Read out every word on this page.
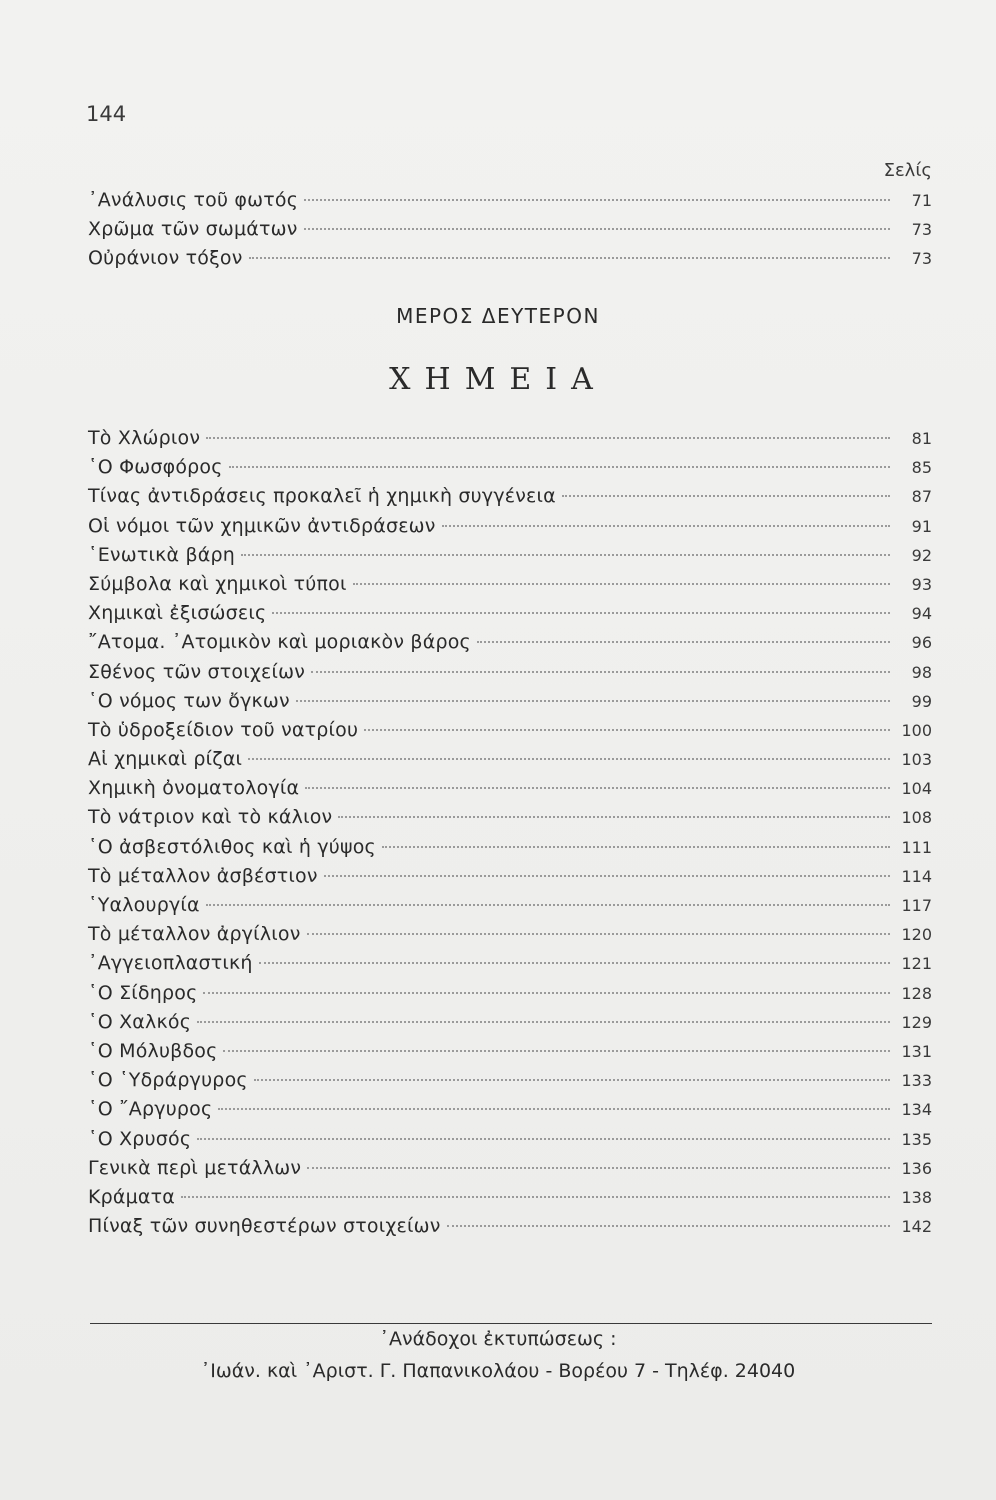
144
Σελίς
᾿Ανάλυσις τοῦ φωτός	71
Χρῶμα τῶν σωμάτων	73
Οὐράνιον τόξον	73
ΜΕΡΟΣ ΔΕΥΤΕΡΟΝ
ΧΗΜΕΙΑ
Τὸ Χλώριον	81
῾Ο Φωσφόρος	85
Τίνας ἀντιδράσεις προκαλεῖ ἡ χημικὴ συγγένεια	87
Οἱ νόμοι τῶν χημικῶν ἀντιδράσεων	91
῾Ενωτικὰ βάρη	92
Σύμβολα καὶ χημικοὶ τύποι	93
Χημικαὶ ἐξισώσεις	94
῎Ατομα. ᾿Ατομικὸν καὶ μοριακὸν βάρος	96
Σθένος τῶν στοιχείων	98
῾Ο νόμος των ὄγκων	99
Τὸ ὑδροξείδιον τοῦ νατρίου	100
Αἱ χημικαὶ ρίζαι	103
Χημικὴ ὀνοματολογία	104
Τὸ νάτριον καὶ τὸ κάλιον	108
῾Ο ἀσβεστόλιθος καὶ ἡ γύψος	111
Τὸ μέταλλον ἀσβέστιον	114
῾Υαλουργία	117
Τὸ μέταλλον ἀργίλιον	120
᾿Αγγειοπλαστική	121
῾Ο Σίδηρος	128
῾Ο Χαλκός	129
῾Ο Μόλυβδος	131
῾Ο ῾Υδράργυρος	133
῾Ο ῎Αργυρος	134
῾Ο Χρυσός	135
Γενικὰ περὶ μετάλλων	136
Κράματα	138
Πίναξ τῶν συνηθεστέρων στοιχείων	142
᾿Ανάδοχοι ἐκτυπώσεως :
᾿Ιωάν. καὶ ᾿Αριστ. Γ. Παπανικολάου - Βορέου 7 - Τηλέφ. 24040
